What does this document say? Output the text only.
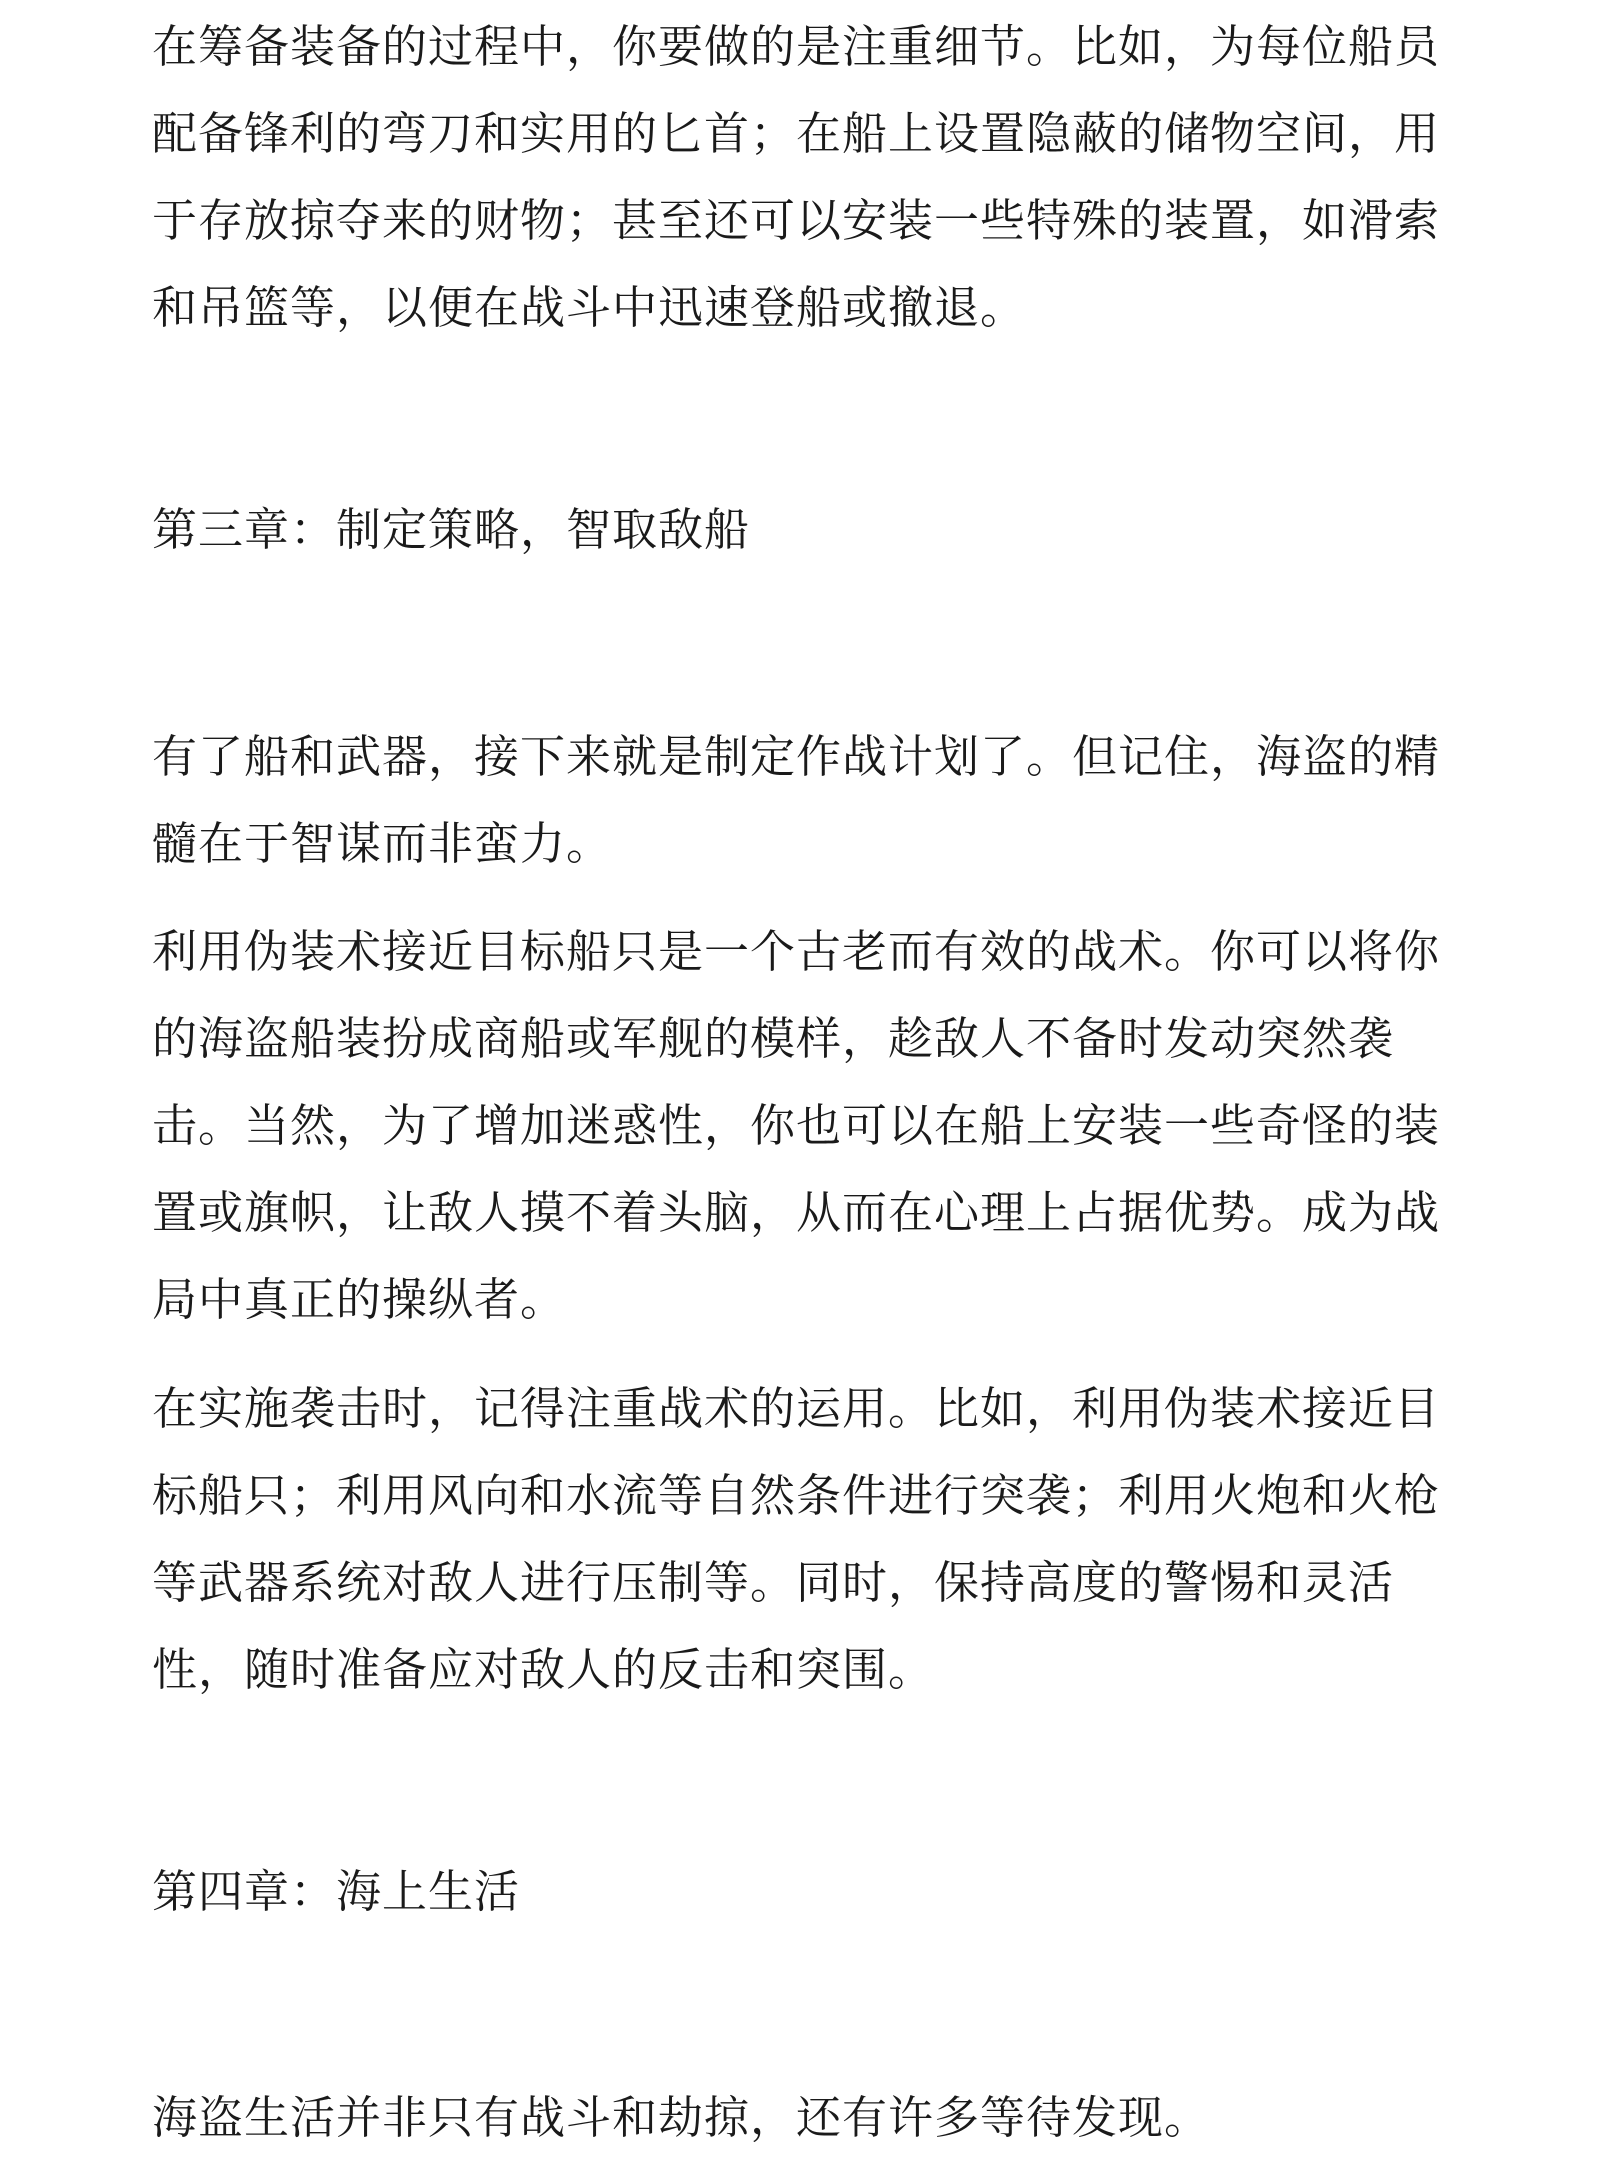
在筹备装备的过程中，你要做的是注重细节。比如，为每位船员
配备锋利的弯刀和实用的匕首；在船上设置隐蔽的储物空间，用
于存放掠夺来的财物；甚至还可以安装一些特殊的装置，如滑索
和吊篮等，以便在战斗中迅速登船或撤退。

第三章：制定策略，智取敌船

有了船和武器，接下来就是制定作战计划了。但记住，海盗的精
髓在于智谋而非蛮力。

利用伪装术接近目标船只是一个古老而有效的战术。你可以将你
的海盗船装扮成商船或军舰的模样，趁敌人不备时发动突然袭
击。当然，为了增加迷惑性，你也可以在船上安装一些奇怪的装
置或旗帜，让敌人摸不着头脑，从而在心理上占据优势。成为战
局中真正的操纵者。

在实施袭击时，记得注重战术的运用。比如，利用伪装术接近目
标船只；利用风向和水流等自然条件进行突袭；利用火炮和火枪
等武器系统对敌人进行压制等。同时，保持高度的警惕和灵活
性，随时准备应对敌人的反击和突围。

第四章：海上生活

海盗生活并非只有战斗和劫掠，还有许多等待发现。
